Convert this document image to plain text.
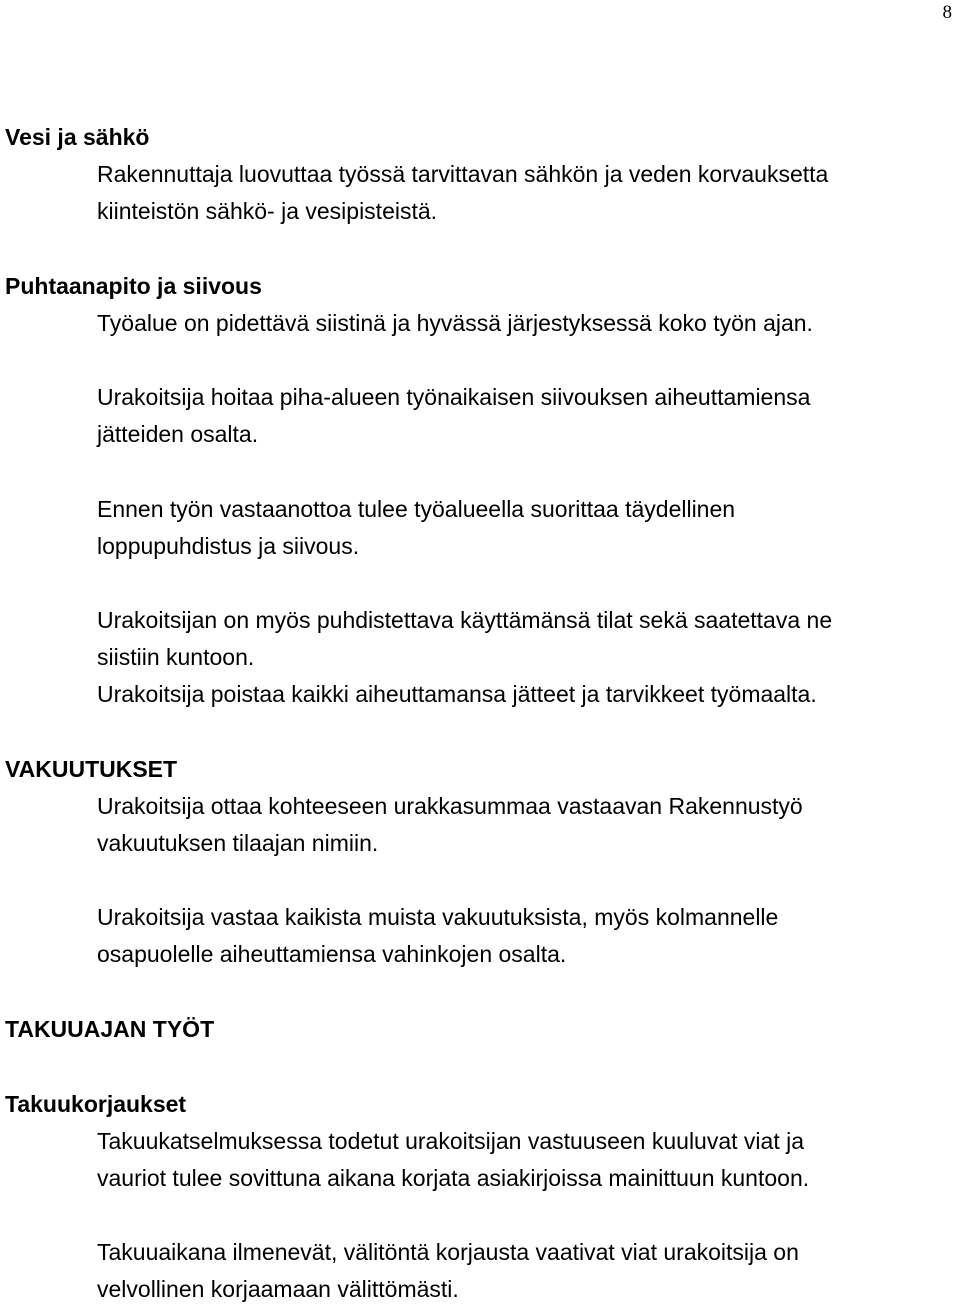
8
Vesi ja sähkö
Rakennuttaja luovuttaa työssä tarvittavan sähkön ja veden korvauksetta
kiinteistön sähkö- ja vesipisteistä.
Puhtaanapito ja siivous
Työalue on pidettävä siistinä ja hyvässä järjestyksessä koko työn ajan.
Urakoitsija hoitaa piha-alueen työnaikaisen siivouksen aiheuttamiensa
jätteiden osalta.
Ennen työn vastaanottoa tulee työalueella suorittaa täydellinen
loppupuhdistus ja siivous.
Urakoitsijan on myös puhdistettava käyttämänsä tilat sekä saatettava ne
siistiin kuntoon.
Urakoitsija poistaa kaikki aiheuttamansa jätteet ja tarvikkeet työmaalta.
VAKUUTUKSET
Urakoitsija ottaa kohteeseen urakkasummaa vastaavan Rakennustyö
vakuutuksen tilaajan nimiin.
Urakoitsija vastaa kaikista muista vakuutuksista, myös kolmannelle
osapuolelle aiheuttamiensa vahinkojen osalta.
TAKUUAJAN TYÖT
Takuukorjaukset
Takuukatselmuksessa todetut urakoitsijan vastuuseen kuuluvat viat ja
vauriot tulee sovittuna aikana korjata asiakirjoissa mainittuun kuntoon.
Takuuaikana ilmenevät, välitöntä korjausta vaativat viat urakoitsija on
velvollinen korjaamaan välittömästi.
